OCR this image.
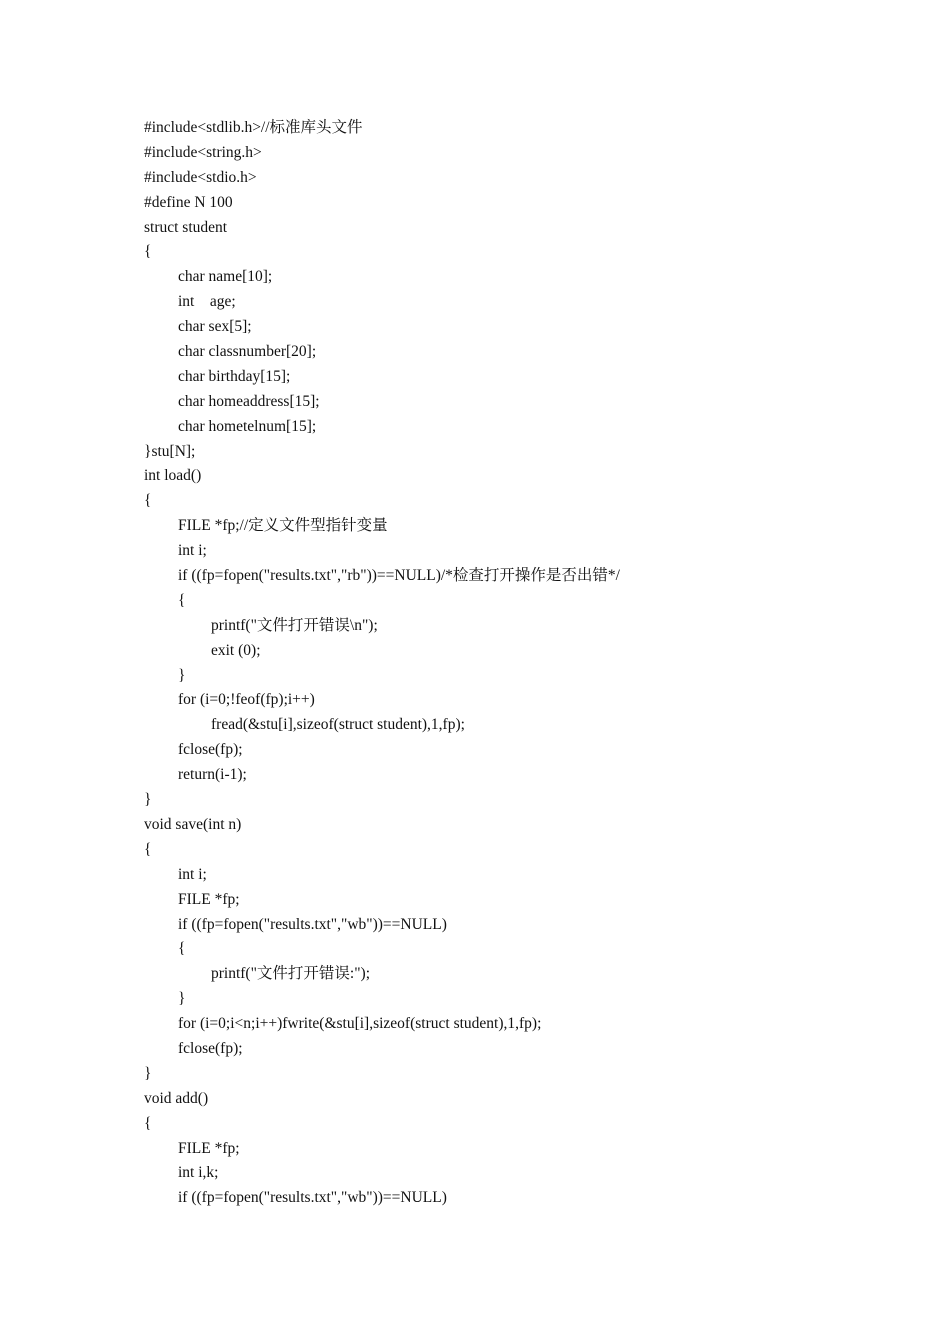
#include<stdlib.h>//标准库头文件
#include<string.h>
#include<stdio.h>
#define N 100
struct student
{
char name[10];
int    age;
char sex[5];
char classnumber[20];
char birthday[15];
char homeaddress[15];
char hometelnum[15];
}stu[N];
int load()
{
FILE *fp;//定义文件型指针变量
int i;
if ((fp=fopen("results.txt","rb"))==NULL)/*检查打开操作是否出错*/
{
printf("文件打开错误\n");
exit (0);
}
for (i=0;!feof(fp);i++)
fread(&stu[i],sizeof(struct student),1,fp);
fclose(fp);
return(i-1);
}
void save(int n)
{
int i;
FILE *fp;
if ((fp=fopen("results.txt","wb"))==NULL)
{
printf("文件打开错误:");
}
for (i=0;i<n;i++)fwrite(&stu[i],sizeof(struct student),1,fp);
fclose(fp);
}
void add()
{
FILE *fp;
int i,k;
if ((fp=fopen("results.txt","wb"))==NULL)
